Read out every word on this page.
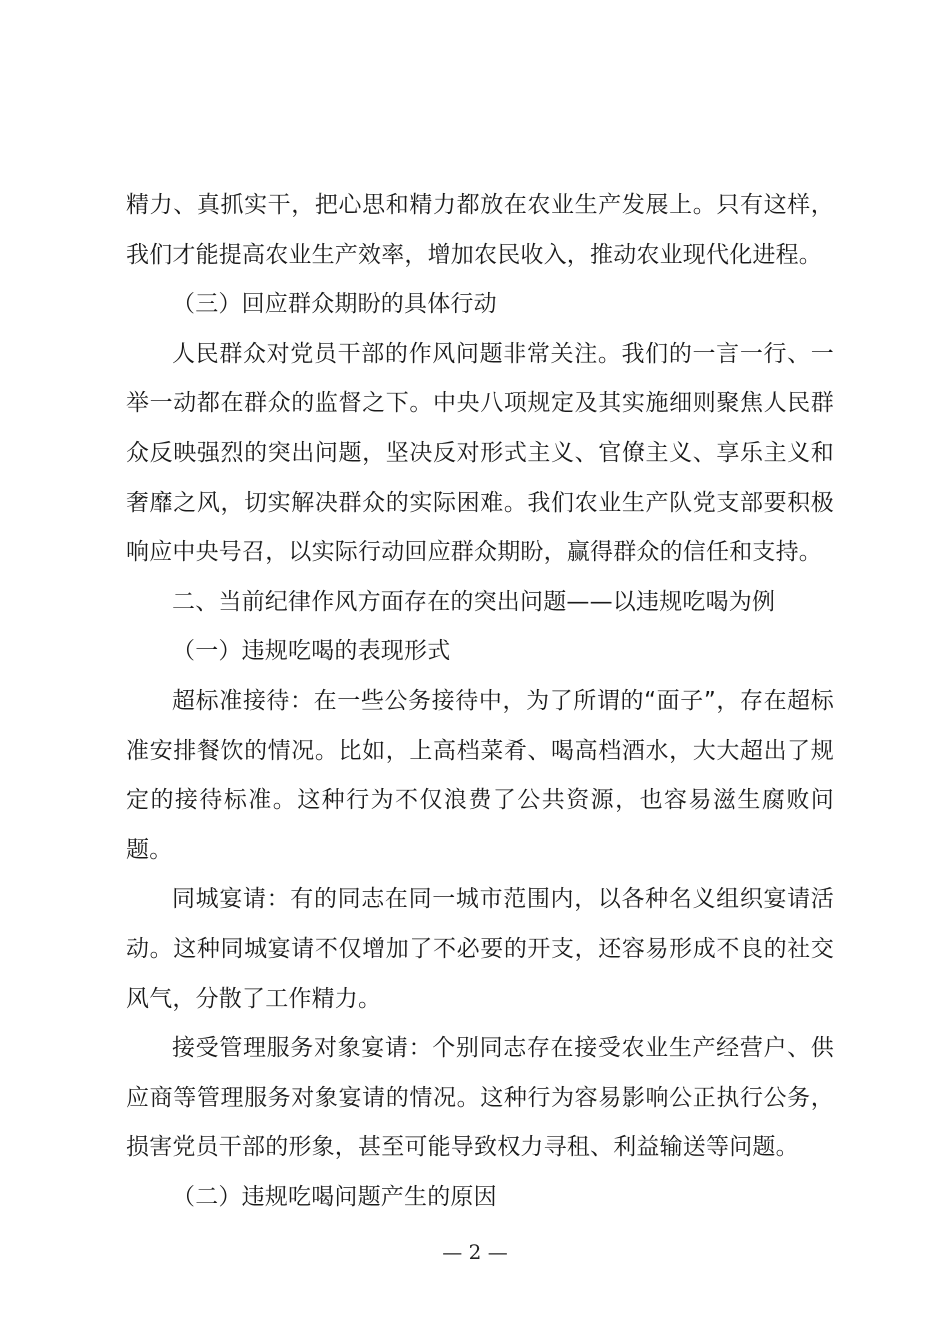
精力、真抓实干，把心思和精力都放在农业生产发展上。只有这样，我们才能提高农业生产效率，增加农民收入，推动农业现代化进程。

（三）回应群众期盼的具体行动

人民群众对党员干部的作风问题非常关注。我们的一言一行、一举一动都在群众的监督之下。中央八项规定及其实施细则聚焦人民群众反映强烈的突出问题，坚决反对形式主义、官僚主义、享乐主义和奢靡之风，切实解决群众的实际困难。我们农业生产队党支部要积极响应中央号召，以实际行动回应群众期盼，赢得群众的信任和支持。

二、当前纪律作风方面存在的突出问题——以违规吃喝为例

（一）违规吃喝的表现形式

超标准接待：在一些公务接待中，为了所谓的“面子”，存在超标准安排餐饮的情况。比如，上高档菜肴、喝高档酒水，大大超出了规定的接待标准。这种行为不仅浪费了公共资源，也容易滋生腐败问题。

同城宴请：有的同志在同一城市范围内，以各种名义组织宴请活动。这种同城宴请不仅增加了不必要的开支，还容易形成不良的社交风气，分散了工作精力。

接受管理服务对象宴请：个别同志存在接受农业生产经营户、供应商等管理服务对象宴请的情况。这种行为容易影响公正执行公务，损害党员干部的形象，甚至可能导致权力寻租、利益输送等问题。

（二）违规吃喝问题产生的原因

— 2 —
